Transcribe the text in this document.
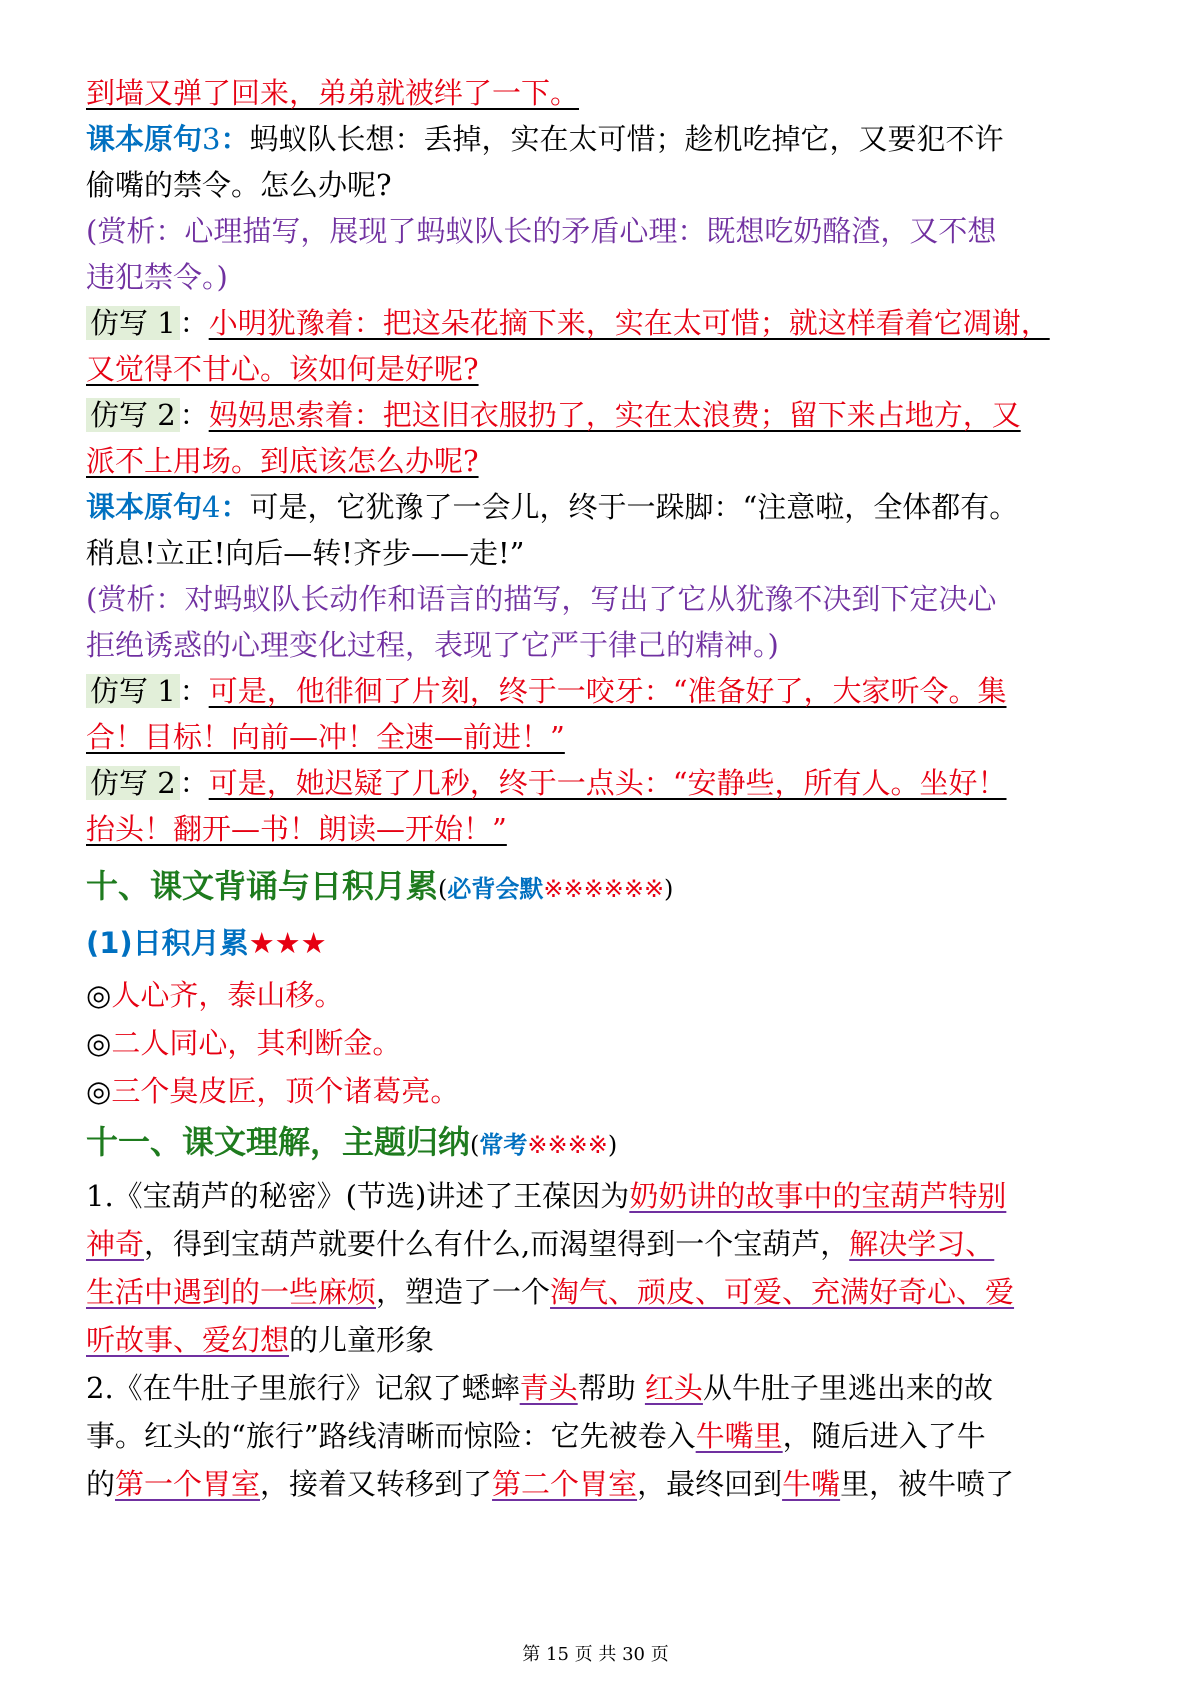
到墙又弹了回来，弟弟就被绊了一下。
课本原句3：蚂蚁队长想：丢掉，实在太可惜；趁机吃掉它，又要犯不许
偷嘴的禁令。怎么办呢?
(赏析：心理描写，展现了蚂蚁队长的矛盾心理：既想吃奶酪渣，又不想
违犯禁令。)
仿写 1 ：小明犹豫着：把这朵花摘下来，实在太可惜；就这样看着它凋谢，
又觉得不甘心。该如何是好呢?
仿写 2 ：妈妈思索着：把这旧衣服扔了，实在太浪费；留下来占地方，又
派不上用场。到底该怎么办呢?
课本原句4：可是，它犹豫了一会儿，终于一跺脚：“注意啦，全体都有。
稍息!立正!向后—转!齐步——走!”
(赏析：对蚂蚁队长动作和语言的描写，写出了它从犹豫不决到下定决心
拒绝诱惑的心理变化过程，表现了它严于律己的精神。)
仿写 1 ：可是，他徘徊了片刻，终于一咬牙：“准备好了，大家听令。集
合！目标！向前—冲！全速—前进！”
仿写 2 ：可是，她迟疑了几秒，终于一点头：“安静些，所有人。坐好！
抬头！翻开—书！朗读—开始！”
十、课文背诵与日积月累(必背会默※※※※※※)
(1)日积月累★★★
◎人心齐，泰山移。
◎二人同心，其利断金。
◎三个臭皮匠，顶个诸葛亮。
十一、课文理解，主题归纳(常考※※※※)
1.《宝葫芦的秘密》(节选)讲述了王葆因为奶奶讲的故事中的宝葫芦特别
神奇，得到宝葫芦就要什么有什么,而渴望得到一个宝葫芦，解决学习、
生活中遇到的一些麻烦，塑造了一个淘气、顽皮、可爱、充满好奇心、爱
听故事、爱幻想的儿童形象
2.《在牛肚子里旅行》记叙了蟋蟀青头帮助 红头从牛肚子里逃出来的故
事。红头的“旅行”路线清晰而惊险：它先被卷入牛嘴里，随后进入了牛
的第一个胃室，接着又转移到了第二个胃室，最终回到牛嘴里，被牛喷了
第 15 页 共 30 页
